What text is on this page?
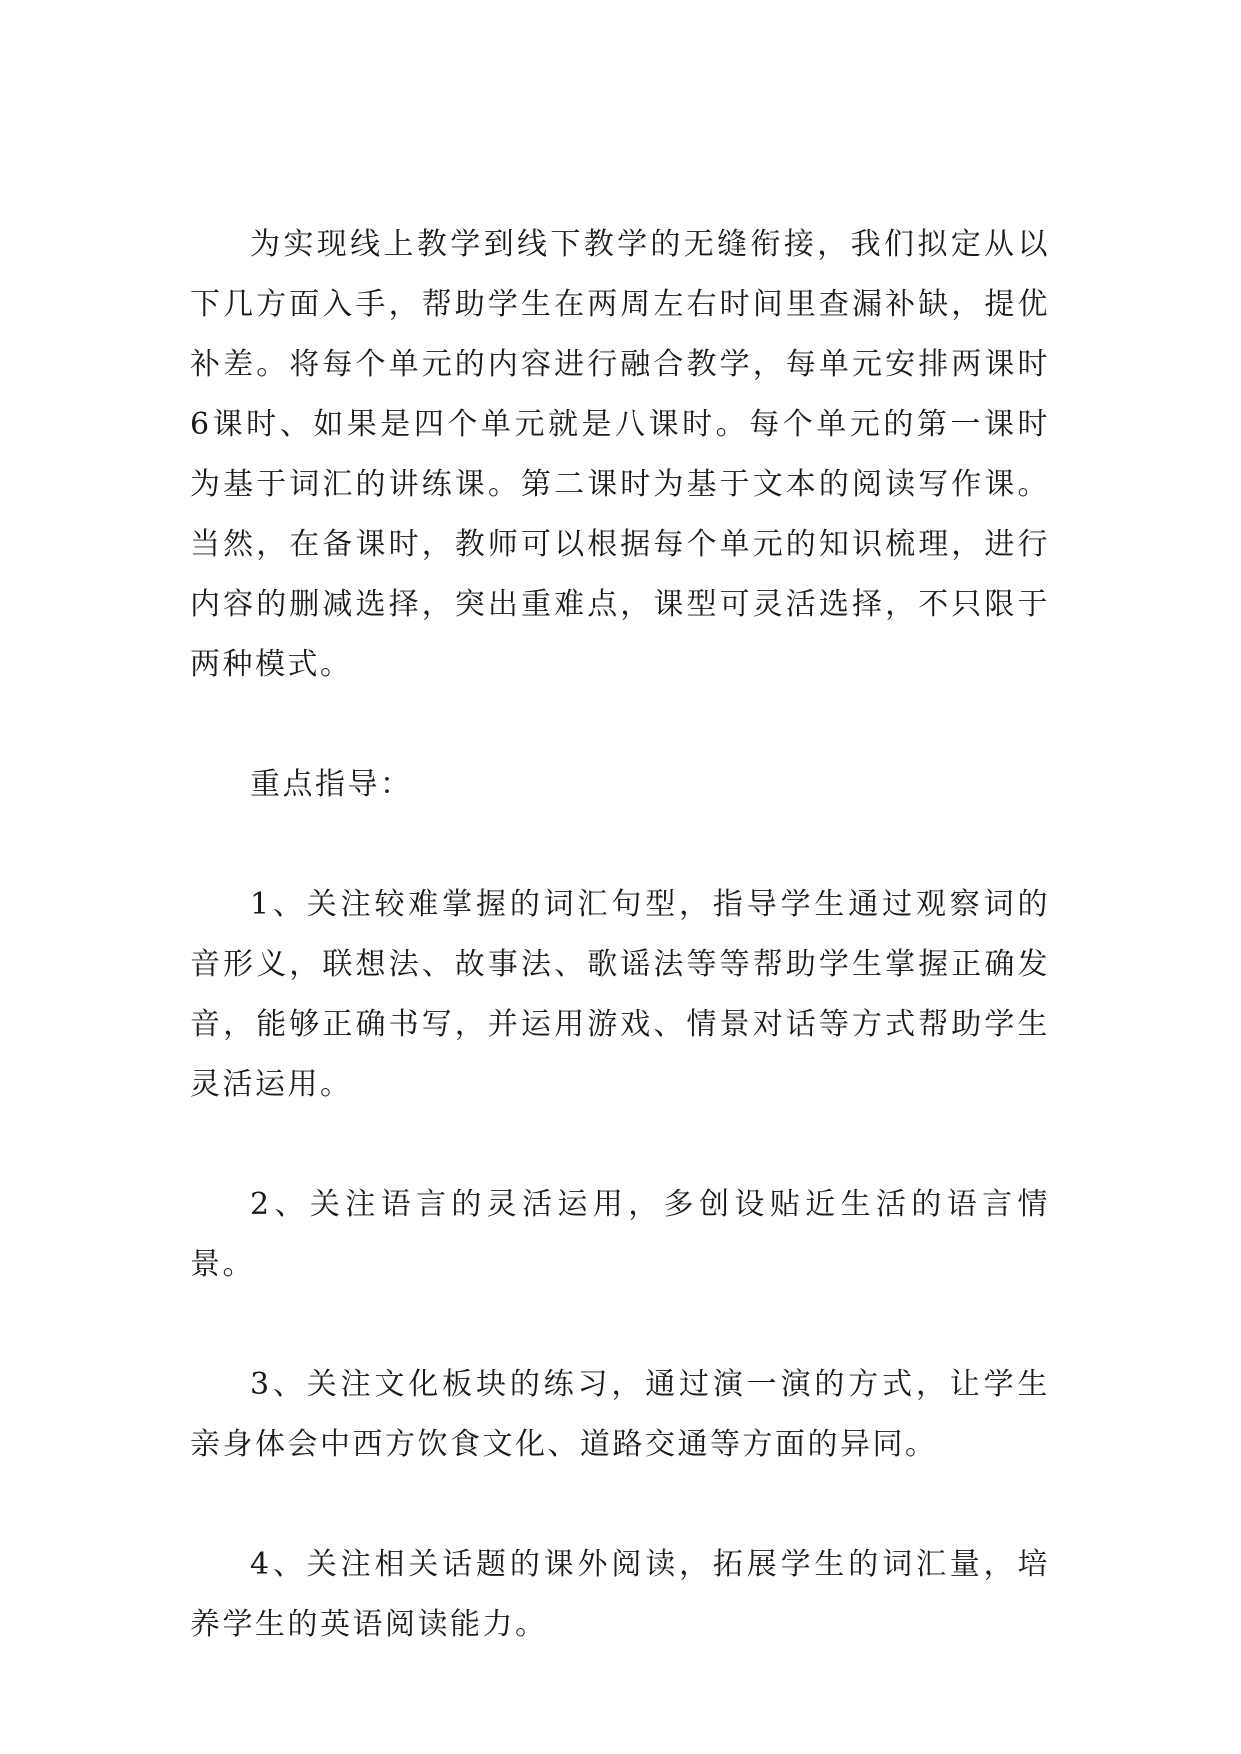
为实现线上教学到线下教学的无缝衔接，我们拟定从以下几方面入手，帮助学生在两周左右时间里查漏补缺，提优补差。将每个单元的内容进行融合教学，每单元安排两课时6课时、如果是四个单元就是八课时。每个单元的第一课时为基于词汇的讲练课。第二课时为基于文本的阅读写作课。当然，在备课时，教师可以根据每个单元的知识梳理，进行内容的删减选择，突出重难点，课型可灵活选择，不只限于两种模式。

重点指导：

1、关注较难掌握的词汇句型，指导学生通过观察词的音形义，联想法、故事法、歌谣法等等帮助学生掌握正确发音，能够正确书写，并运用游戏、情景对话等方式帮助学生灵活运用。

2、关注语言的灵活运用，多创设贴近生活的语言情景。

3、关注文化板块的练习，通过演一演的方式，让学生亲身体会中西方饮食文化、道路交通等方面的异同。

4、关注相关话题的课外阅读，拓展学生的词汇量，培养学生的英语阅读能力。
